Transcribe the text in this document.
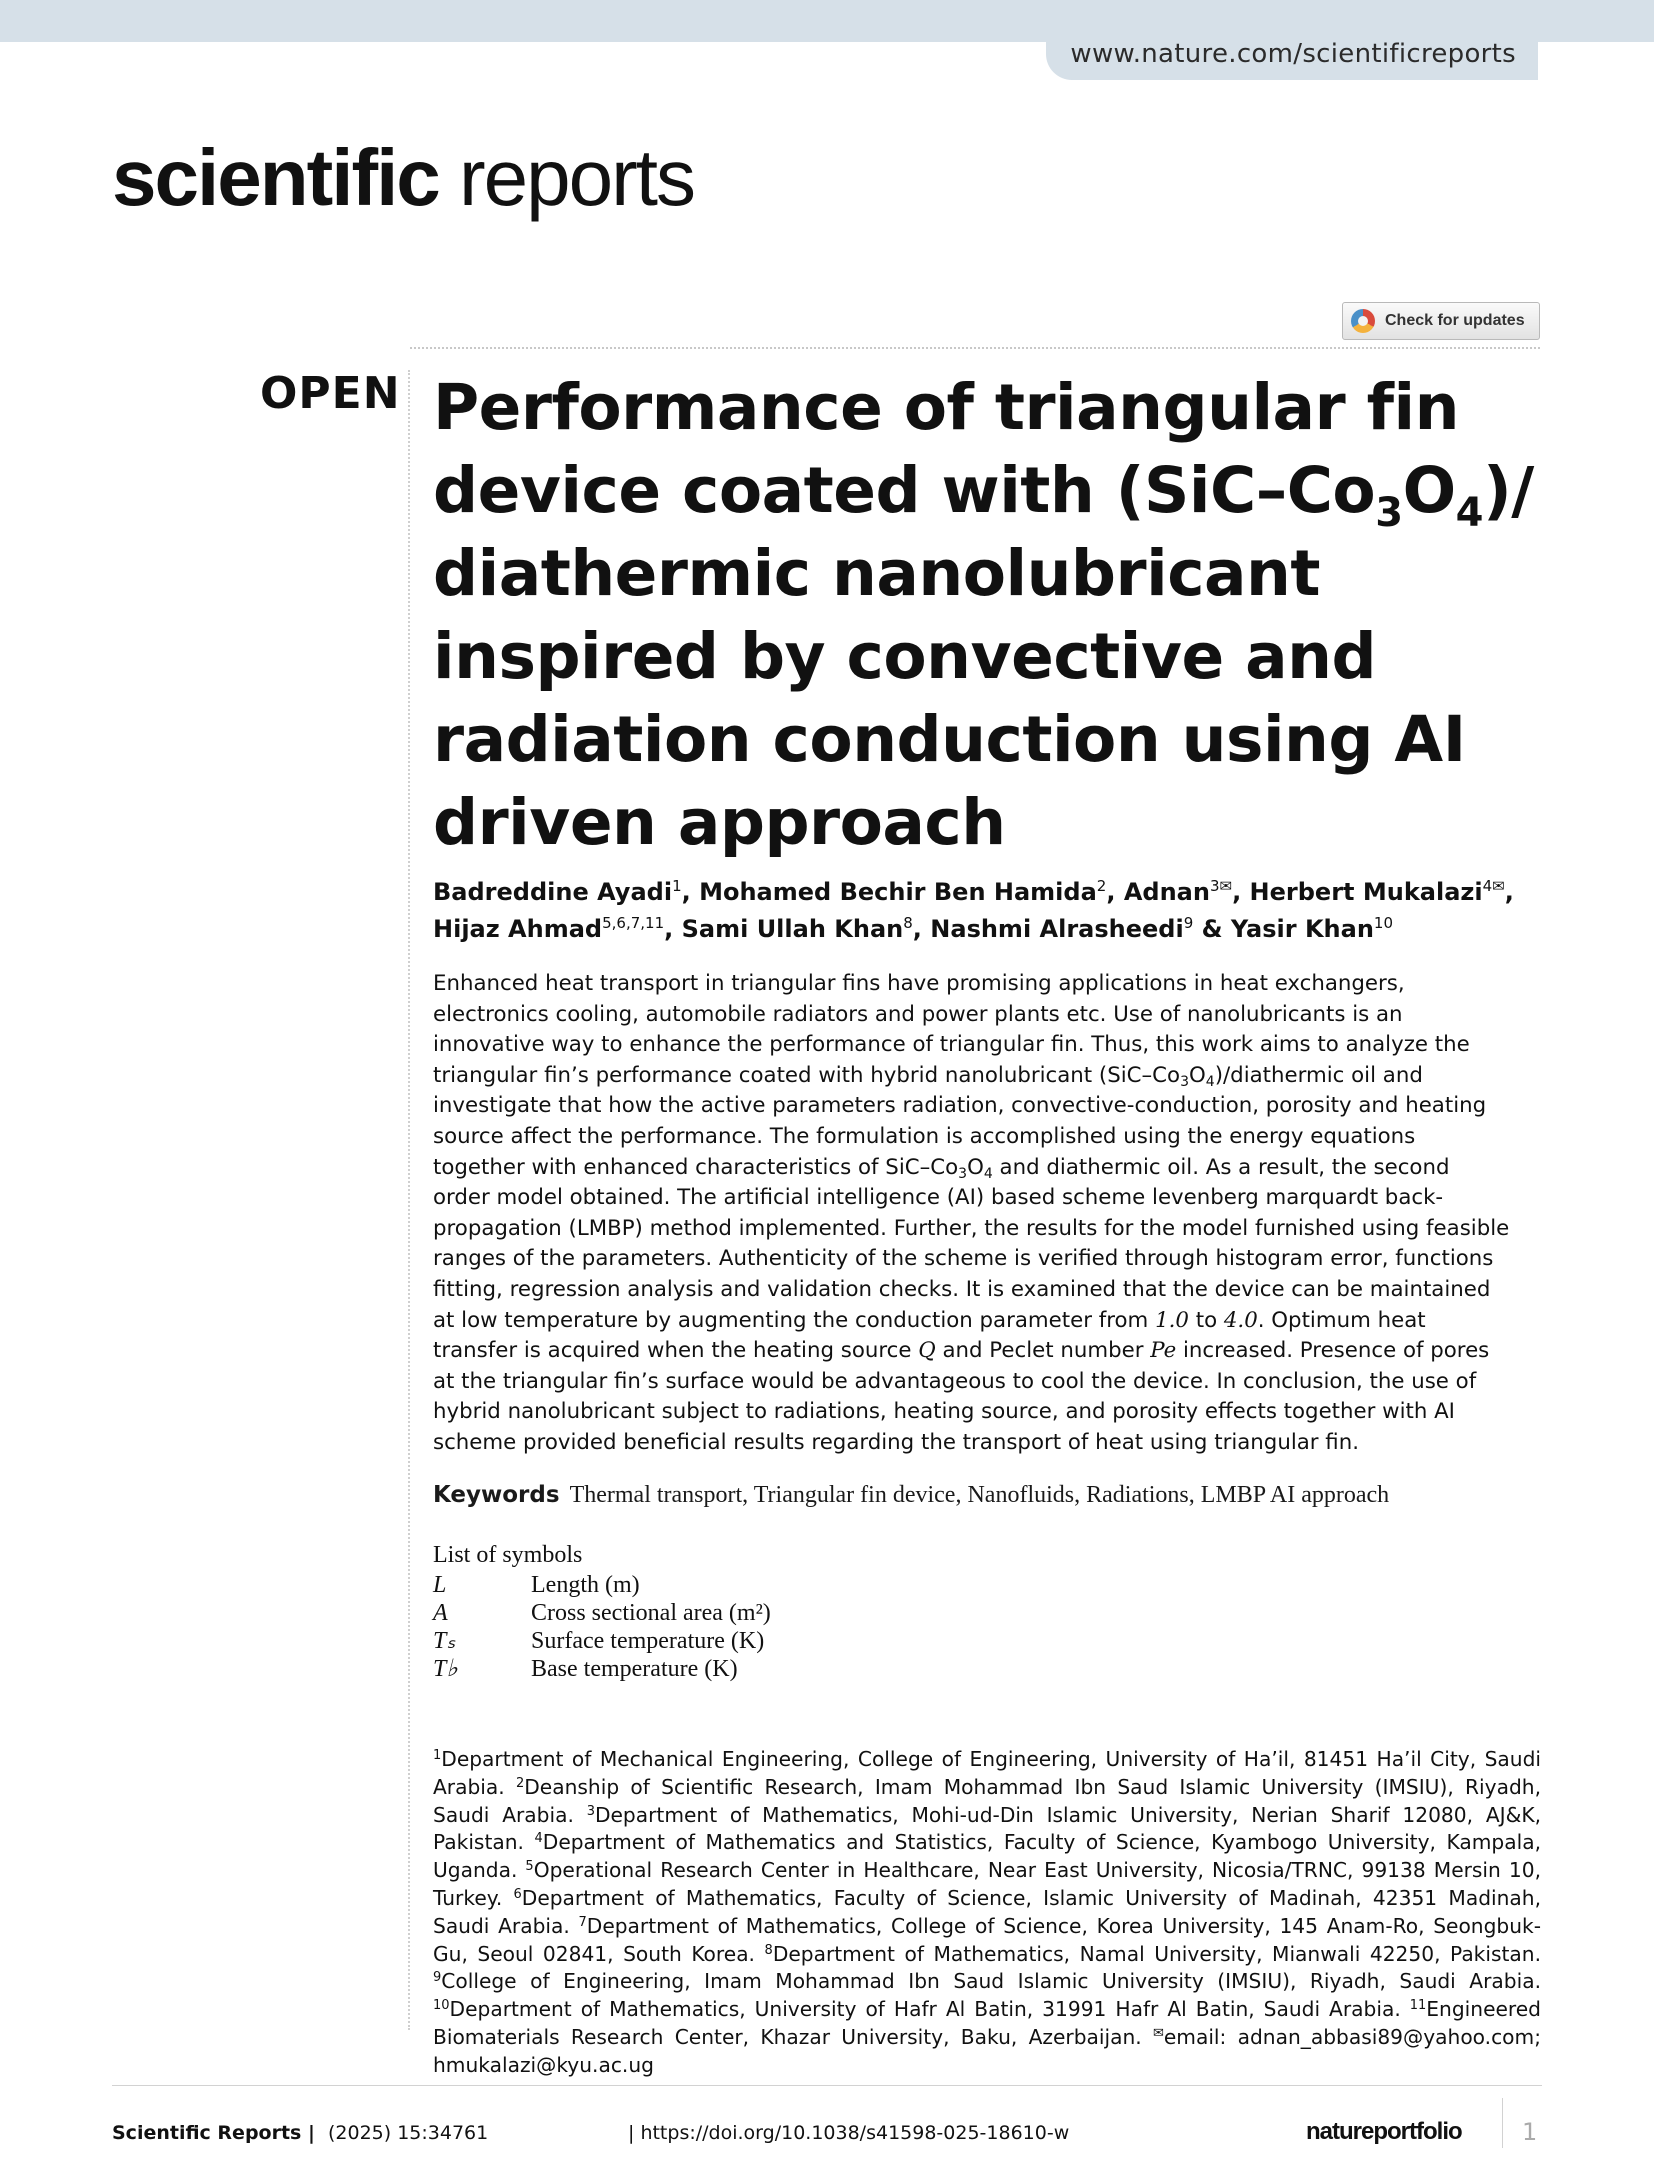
www.nature.com/scientificreports
scientific reports
Check for updates
OPEN Performance of triangular fin device coated with $(SiC-Co_3O_4)/$ diathermic nanolubricant inspired by convective and radiation conduction using AI driven approach
Badreddine Ayadi$^1$, Mohamed Bechir Ben Hamida$^2$, Adnan$^{3✉}$, Herbert Mukalazi$^{4✉}$,
Hijaz Ahmad$^{5,6,7,11}$, Sami Ullah Khan$^8$, Nashmi Alrasheedi$^9$ & Yasir Khan$^{10}$

Enhanced heat transport in triangular fins have promising applications in heat exchangers, electronics cooling, automobile radiators and power plants etc. Use of nanolubricants is an innovative way to enhance the performance of triangular fin. Thus, this work aims to analyze the triangular fin’s performance coated with hybrid nanolubricant $(SiC-Co_3O_4)$/diathermic oil and investigate that how the active parameters radiation, convective-conduction, porosity and heating source affect the performance. The formulation is accomplished using the energy equations together with enhanced characteristics of SiC–$Co_3O_4$ and diathermic oil. As a result, the second order model obtained. The artificial intelligence (AI) based scheme levenberg marquardt back-propagation (LMBP) method implemented. Further, the results for the model furnished using feasible ranges of the parameters. Authenticity of the scheme is verified through histogram error, functions fitting, regression analysis and validation checks. It is examined that the device can be maintained at low temperature by augmenting the conduction parameter from 1.0 to 4.0. Optimum heat transfer is acquired when the heating source Q and Peclet number Pe increased. Presence of pores at the triangular fin’s surface would be advantageous to cool the device. In conclusion, the use of hybrid nanolubricant subject to radiations, heating source, and porosity effects together with AI scheme provided beneficial results regarding the transport of heat using triangular fin.

Keywords Thermal transport, Triangular fin device, Nanofluids, Radiations, LMBP AI approach
List of symbols
L	Length (m)
A	Cross sectional area (m²)
Tₛ	Surface temperature (K)
T♭	Base temperature (K)

$^1$Department of Mechanical Engineering, College of Engineering, University of Ha’il, 81451 Ha’il City, Saudi Arabia. $^2$Deanship of Scientific Research, Imam Mohammad Ibn Saud Islamic University (IMSIU), Riyadh, Saudi Arabia. $^3$Department of Mathematics, Mohi-ud-Din Islamic University, Nerian Sharif 12080, AJ&K, Pakistan. $^4$Department of Mathematics and Statistics, Faculty of Science, Kyambogo University, Kampala, Uganda. $^5$Operational Research Center in Healthcare, Near East University, Nicosia/TRNC, 99138 Mersin 10, Turkey. $^6$Department of Mathematics, Faculty of Science, Islamic University of Madinah, 42351 Madinah, Saudi Arabia. $^7$Department of Mathematics, College of Science, Korea University, 145 Anam-Ro, Seongbuk-Gu, Seoul 02841, South Korea. $^8$Department of Mathematics, Namal University, Mianwali 42250, Pakistan. $^9$College of Engineering, Imam Mohammad Ibn Saud Islamic University (IMSIU), Riyadh, Saudi Arabia. $^{10}$Department of Mathematics, University of Hafr Al Batin, 31991 Hafr Al Batin, Saudi Arabia. $^{11}$Engineered Biomaterials Research Center, Khazar University, Baku, Azerbaijan. ✉email: adnan_abbasi89@yahoo.com; hmukalazi@kyu.ac.ug

Scientific Reports | (2025) 15:34761	| https://doi.org/10.1038/s41598-025-18610-w	natureportfolio	1
